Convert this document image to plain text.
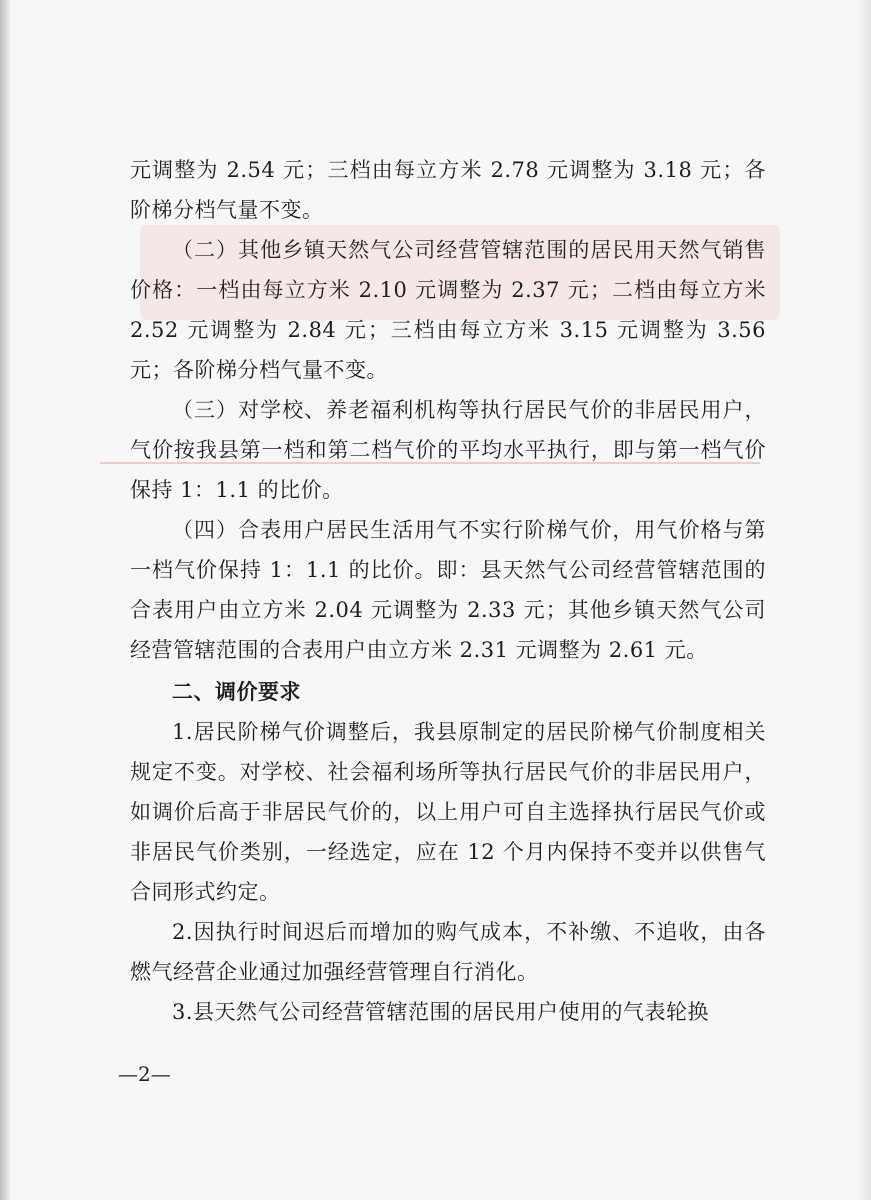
元调整为 2.54 元；三档由每立方米 2.78 元调整为 3.18 元；各阶梯分档气量不变。

（二）其他乡镇天然气公司经营管辖范围的居民用天然气销售价格：一档由每立方米 2.10 元调整为 2.37 元；二档由每立方米 2.52 元调整为 2.84 元；三档由每立方米 3.15 元调整为 3.56 元；各阶梯分档气量不变。

（三）对学校、养老福利机构等执行居民气价的非居民用户，气价按我县第一档和第二档气价的平均水平执行，即与第一档气价保持 1：1.1 的比价。

（四）合表用户居民生活用气不实行阶梯气价，用气价格与第一档气价保持 1：1.1 的比价。即：县天然气公司经营管辖范围的合表用户由立方米 2.04 元调整为 2.33 元；其他乡镇天然气公司经营管辖范围的合表用户由立方米 2.31 元调整为 2.61 元。

二、调价要求

1.居民阶梯气价调整后，我县原制定的居民阶梯气价制度相关规定不变。对学校、社会福利场所等执行居民气价的非居民用户，如调价后高于非居民气价的，以上用户可自主选择执行居民气价或非居民气价类别，一经选定，应在 12 个月内保持不变并以供售气合同形式约定。

2.因执行时间迟后而增加的购气成本，不补缴、不追收，由各燃气经营企业通过加强经营管理自行消化。

3.县天然气公司经营管辖范围的居民用户使用的气表轮换

—2—
